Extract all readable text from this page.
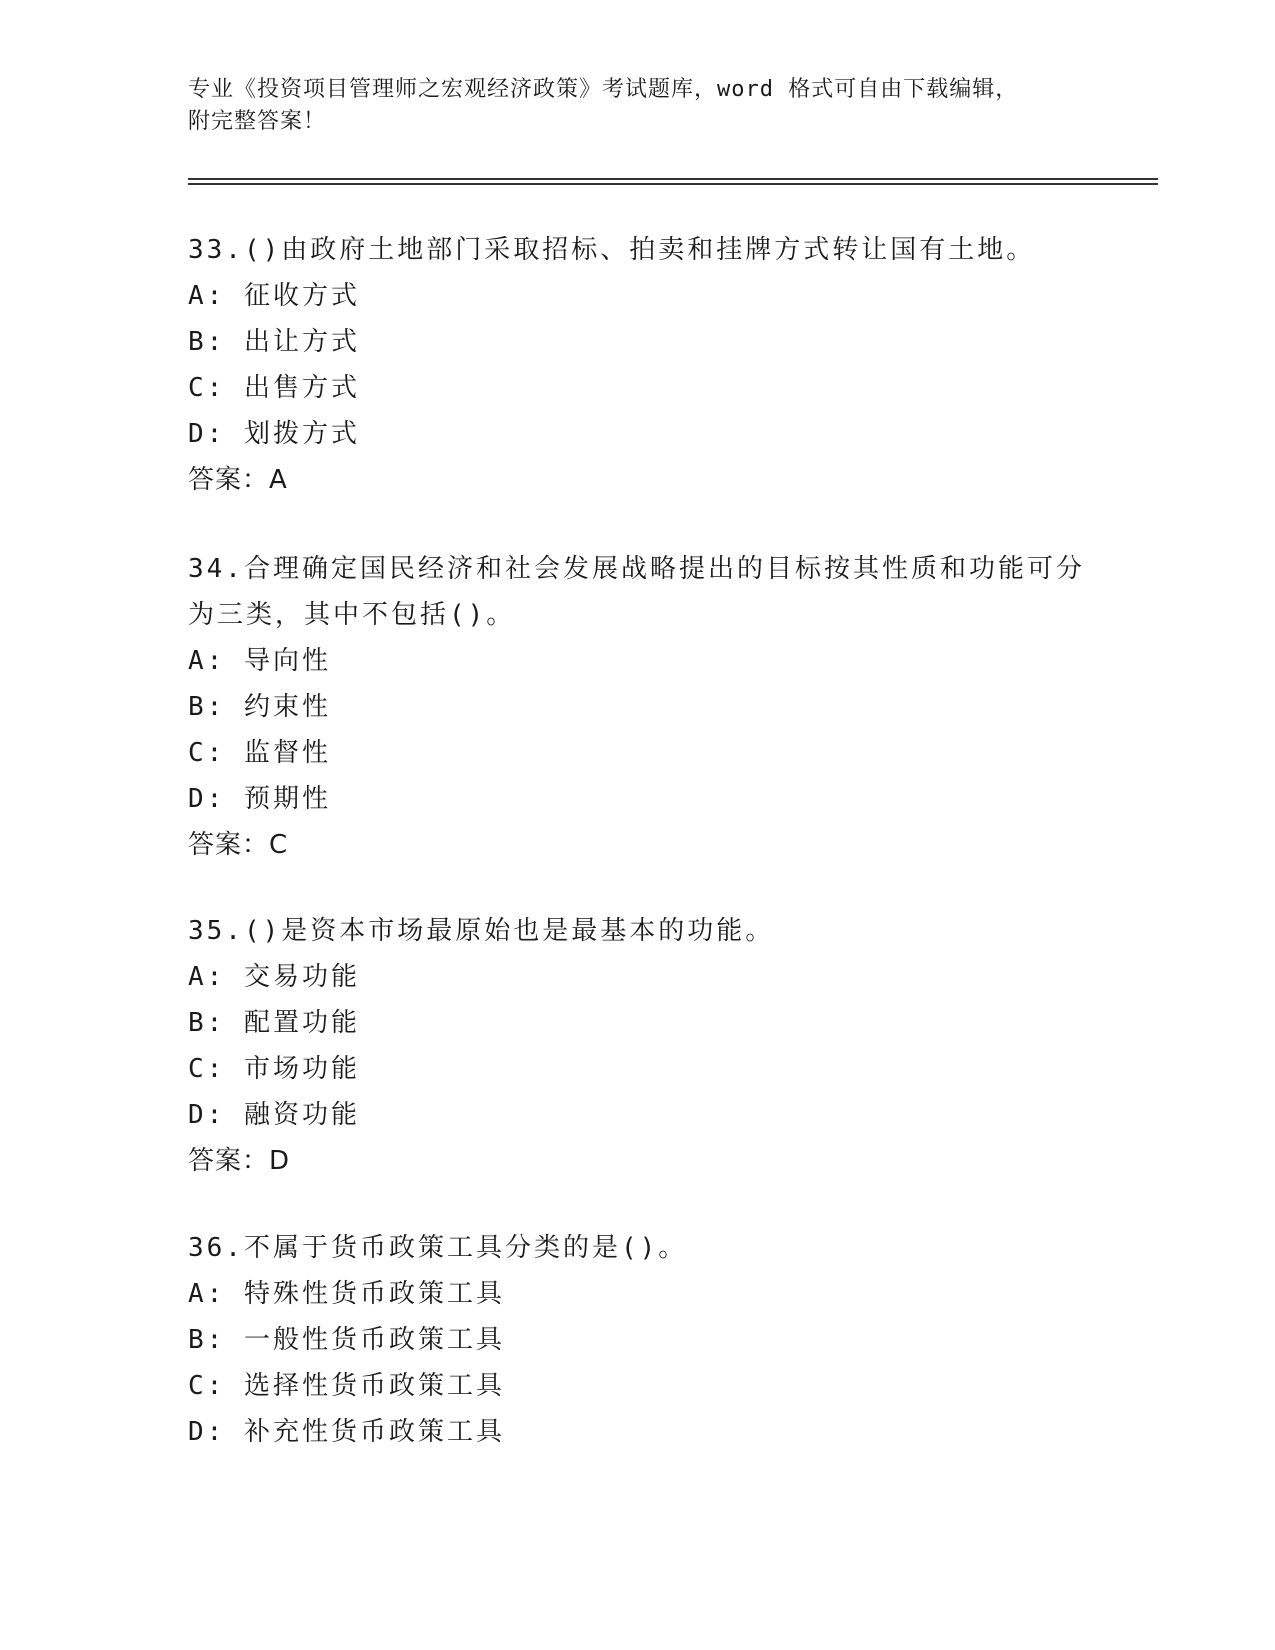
专业《投资项目管理师之宏观经济政策》考试题库，word 格式可自由下载编辑，
附完整答案！
33.()由政府土地部门采取招标、拍卖和挂牌方式转让国有土地。
A: 征收方式
B: 出让方式
C: 出售方式
D: 划拨方式
答案：A
34.合理确定国民经济和社会发展战略提出的目标按其性质和功能可分为三类，其中不包括()。
A: 导向性
B: 约束性
C: 监督性
D: 预期性
答案：C
35.()是资本市场最原始也是最基本的功能。
A: 交易功能
B: 配置功能
C: 市场功能
D: 融资功能
答案：D
36.不属于货币政策工具分类的是()。
A: 特殊性货币政策工具
B: 一般性货币政策工具
C: 选择性货币政策工具
D: 补充性货币政策工具
